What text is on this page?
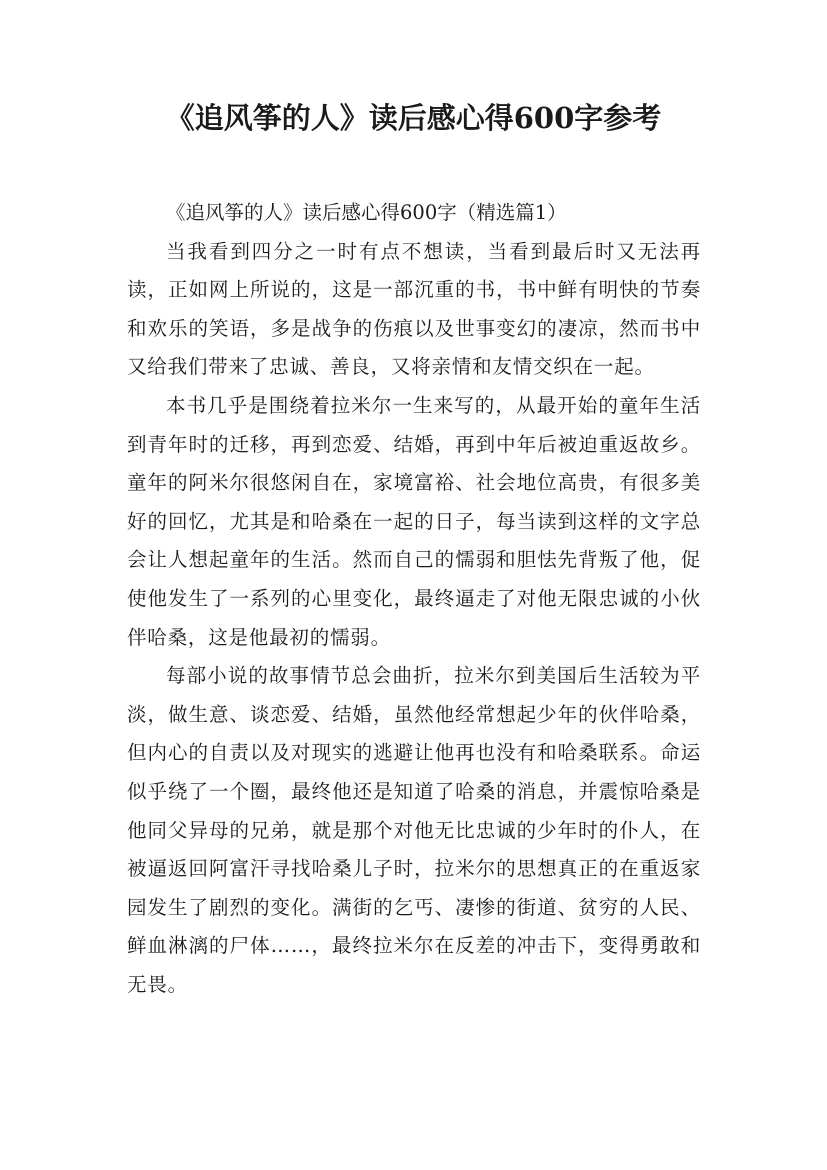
《追风筝的人》读后感心得600字参考

《追风筝的人》读后感心得600字（精选篇1）

当我看到四分之一时有点不想读，当看到最后时又无法再读，正如网上所说的，这是一部沉重的书，书中鲜有明快的节奏和欢乐的笑语，多是战争的伤痕以及世事变幻的凄凉，然而书中又给我们带来了忠诚、善良，又将亲情和友情交织在一起。

本书几乎是围绕着拉米尔一生来写的，从最开始的童年生活到青年时的迁移，再到恋爱、结婚，再到中年后被迫重返故乡。童年的阿米尔很悠闲自在，家境富裕、社会地位高贵，有很多美好的回忆，尤其是和哈桑在一起的日子，每当读到这样的文字总会让人想起童年的生活。然而自己的懦弱和胆怯先背叛了他，促使他发生了一系列的心里变化，最终逼走了对他无限忠诚的小伙伴哈桑，这是他最初的懦弱。

每部小说的故事情节总会曲折，拉米尔到美国后生活较为平淡，做生意、谈恋爱、结婚，虽然他经常想起少年的伙伴哈桑，但内心的自责以及对现实的逃避让他再也没有和哈桑联系。命运似乎绕了一个圈，最终他还是知道了哈桑的消息，并震惊哈桑是他同父异母的兄弟，就是那个对他无比忠诚的少年时的仆人，在被逼返回阿富汗寻找哈桑儿子时，拉米尔的思想真正的在重返家园发生了剧烈的变化。满街的乞丐、凄惨的街道、贫穷的人民、鲜血淋漓的尸体……，最终拉米尔在反差的冲击下，变得勇敢和无畏。
